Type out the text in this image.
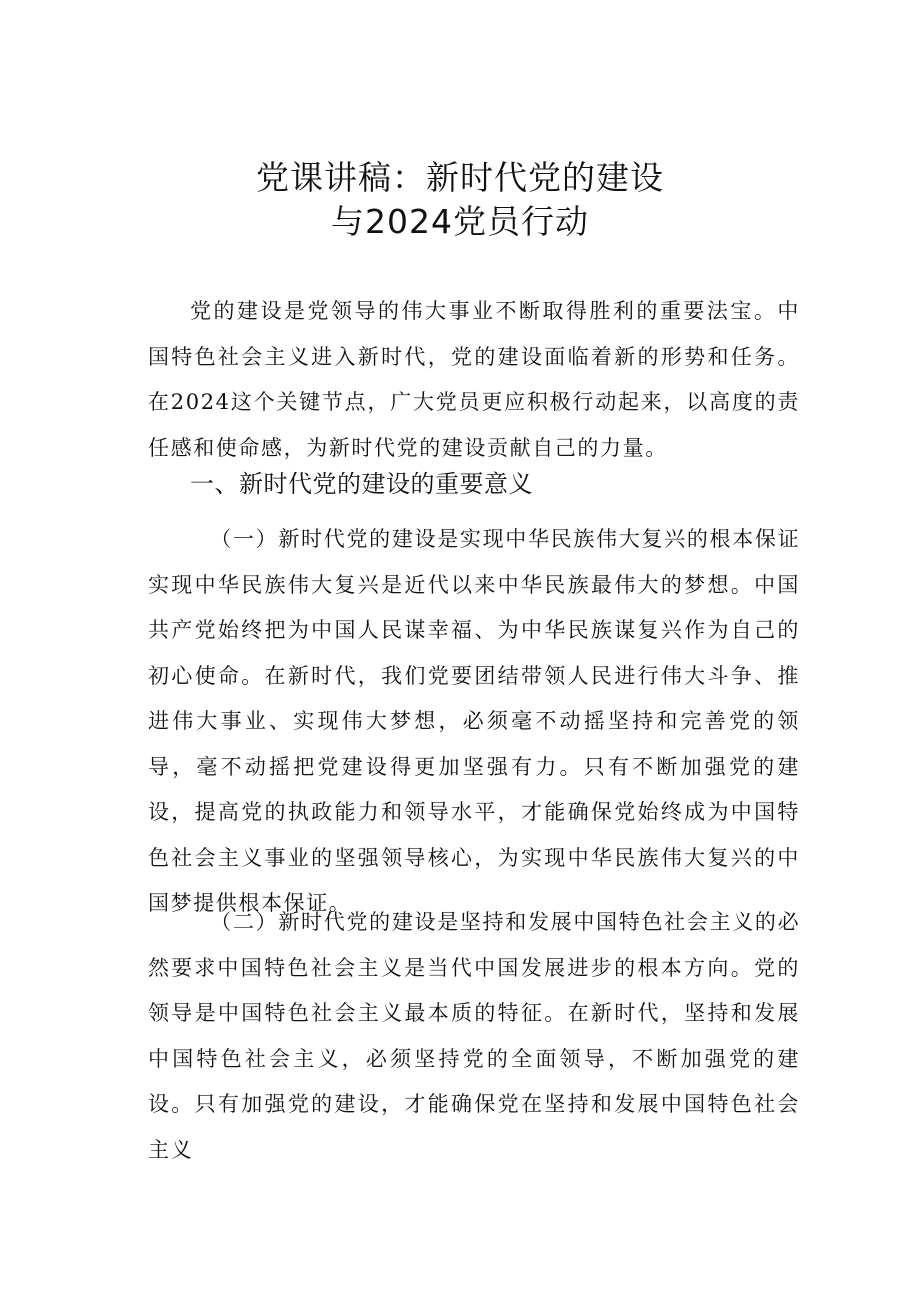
党课讲稿：新时代党的建设
与2024党员行动

党的建设是党领导的伟大事业不断取得胜利的重要法宝。中国特色社会主义进入新时代，党的建设面临着新的形势和任务。在2024这个关键节点，广大党员更应积极行动起来，以高度的责任感和使命感，为新时代党的建设贡献自己的力量。

一、新时代党的建设的重要意义

（一）新时代党的建设是实现中华民族伟大复兴的根本保证实现中华民族伟大复兴是近代以来中华民族最伟大的梦想。中国共产党始终把为中国人民谋幸福、为中华民族谋复兴作为自己的初心使命。在新时代，我们党要团结带领人民进行伟大斗争、推进伟大事业、实现伟大梦想，必须毫不动摇坚持和完善党的领导，毫不动摇把党建设得更加坚强有力。只有不断加强党的建设，提高党的执政能力和领导水平，才能确保党始终成为中国特色社会主义事业的坚强领导核心，为实现中华民族伟大复兴的中国梦提供根本保证。

（二）新时代党的建设是坚持和发展中国特色社会主义的必然要求中国特色社会主义是当代中国发展进步的根本方向。党的领导是中国特色社会主义最本质的特征。在新时代，坚持和发展中国特色社会主义，必须坚持党的全面领导，不断加强党的建设。只有加强党的建设，才能确保党在坚持和发展中国特色社会主义
